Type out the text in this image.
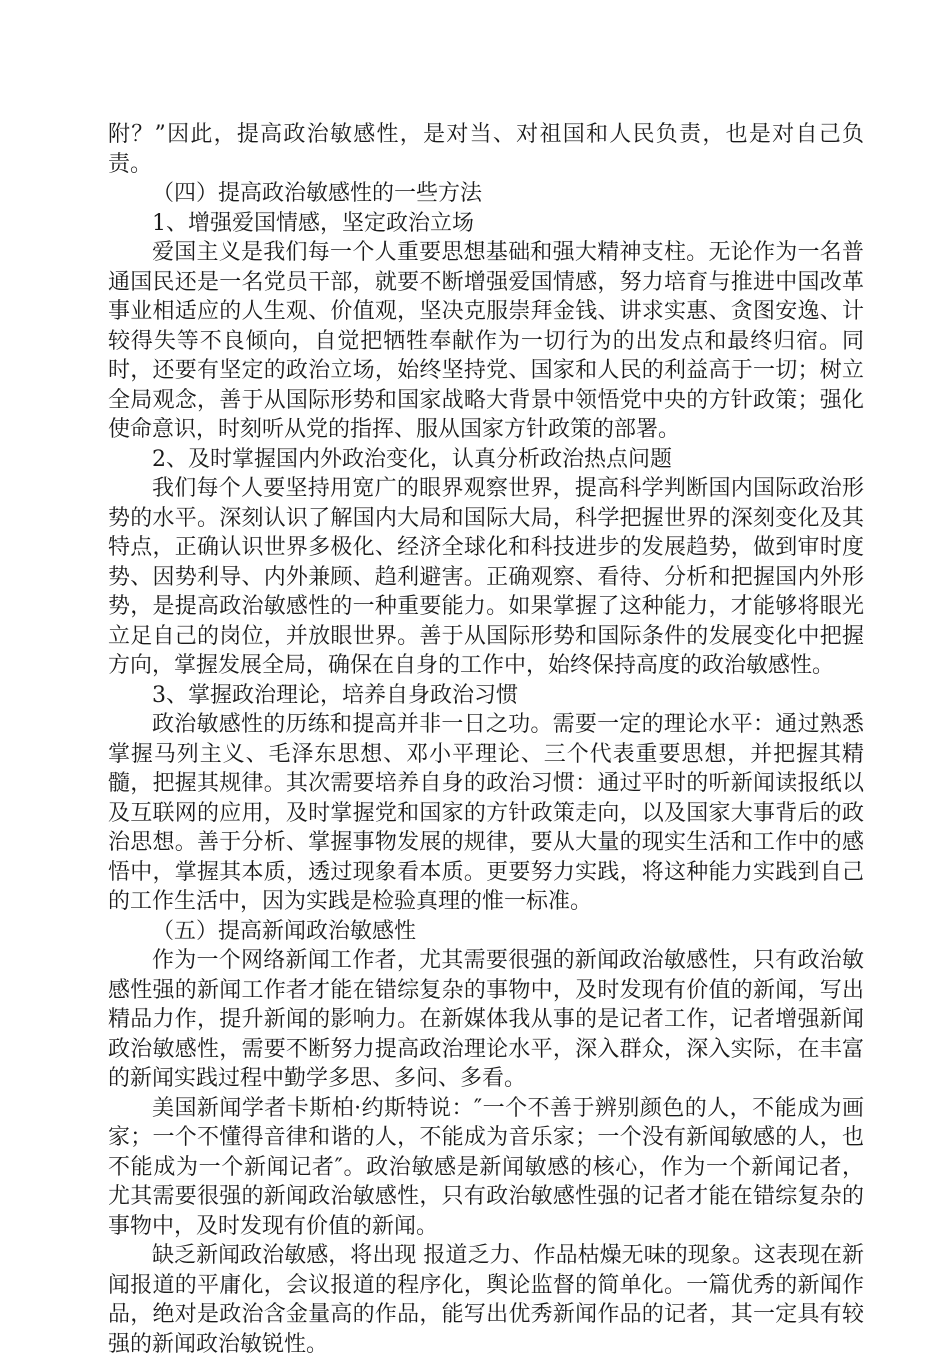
附？”因此，提高政治敏感性，是对当、对祖国和人民负责，也是对自己负责。

（四）提高政治敏感性的一些方法

1、增强爱国情感，坚定政治立场

爱国主义是我们每一个人重要思想基础和强大精神支柱。无论作为一名普通国民还是一名党员干部，就要不断增强爱国情感，努力培育与推进中国改革事业相适应的人生观、价值观，坚决克服崇拜金钱、讲求实惠、贪图安逸、计较得失等不良倾向，自觉把牺牲奉献作为一切行为的出发点和最终归宿。同时，还要有坚定的政治立场，始终坚持党、国家和人民的利益高于一切；树立全局观念，善于从国际形势和国家战略大背景中领悟党中央的方针政策；强化使命意识，时刻听从党的指挥、服从国家方针政策的部署。

2、及时掌握国内外政治变化，认真分析政治热点问题

我们每个人要坚持用宽广的眼界观察世界，提高科学判断国内国际政治形势的水平。深刻认识了解国内大局和国际大局，科学把握世界的深刻变化及其特点，正确认识世界多极化、经济全球化和科技进步的发展趋势，做到审时度势、因势利导、内外兼顾、趋利避害。正确观察、看待、分析和把握国内外形势，是提高政治敏感性的一种重要能力。如果掌握了这种能力，才能够将眼光立足自己的岗位，并放眼世界。善于从国际形势和国际条件的发展变化中把握方向，掌握发展全局，确保在自身的工作中，始终保持高度的政治敏感性。

3、掌握政治理论，培养自身政治习惯

政治敏感性的历练和提高并非一日之功。需要一定的理论水平：通过熟悉掌握马列主义、毛泽东思想、邓小平理论、三个代表重要思想，并把握其精髓，把握其规律。其次需要培养自身的政治习惯：通过平时的听新闻读报纸以及互联网的应用，及时掌握党和国家的方针政策走向，以及国家大事背后的政治思想。善于分析、掌握事物发展的规律，要从大量的现实生活和工作中的感悟中，掌握其本质，透过现象看本质。更要努力实践，将这种能力实践到自己的工作生活中，因为实践是检验真理的惟一标准。

（五）提高新闻政治敏感性

作为一个网络新闻工作者，尤其需要很强的新闻政治敏感性，只有政治敏感性强的新闻工作者才能在错综复杂的事物中，及时发现有价值的新闻，写出精品力作，提升新闻的影响力。在新媒体我从事的是记者工作，记者增强新闻政治敏感性，需要不断努力提高政治理论水平，深入群众，深入实际，在丰富的新闻实践过程中勤学多思、多问、多看。

美国新闻学者卡斯柏·约斯特说：″一个不善于辨别颜色的人，不能成为画家；一个不懂得音律和谐的人，不能成为音乐家；一个没有新闻敏感的人，也不能成为一个新闻记者″。政治敏感是新闻敏感的核心，作为一个新闻记者，尤其需要很强的新闻政治敏感性，只有政治敏感性强的记者才能在错综复杂的事物中，及时发现有价值的新闻。

缺乏新闻政治敏感，将出现 报道乏力、作品枯燥无味的现象。这表现在新闻报道的平庸化，会议报道的程序化，舆论监督的简单化。一篇优秀的新闻作品，绝对是政治含金量高的作品，能写出优秀新闻作品的记者，其一定具有较强的新闻政治敏锐性。
